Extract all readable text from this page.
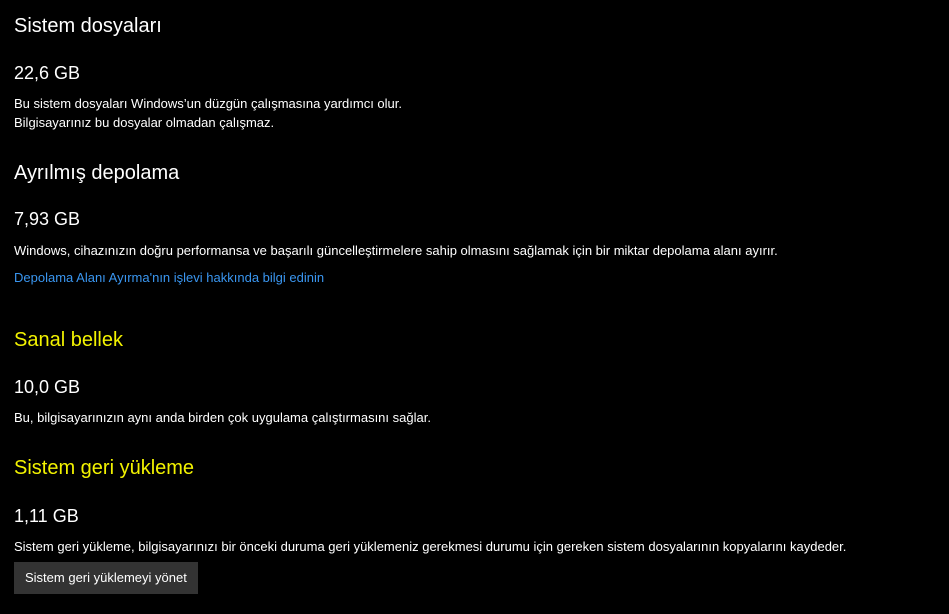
Sistem dosyaları

22,6 GB

Bu sistem dosyaları Windows’un düzgün çalışmasına yardımcı olur.

Bilgisayarınız bu dosyalar olmadan çalışmaz.

Ayrılmış depolama

7,93 GB

Windows, cihazınızın doğru performansa ve başarılı güncelleştirmelere sahip olmasını sağlamak için bir miktar depolama alanı ayırır.

Depolama Alanı Ayırma'nın işlevi hakkında bilgi edinin
Sanal bellek

10,0 GB

Bu, bilgisayarınızın aynı anda birden çok uygulama çalıştırmasını sağlar.

Sistem geri yükleme

1,11 GB

Sistem geri yükleme, bilgisayarınızı bir önceki duruma geri yüklemeniz gerekmesi durumu için gereken sistem dosyalarının kopyalarını kaydeder.

Sistem geri yüklemeyi yönet
